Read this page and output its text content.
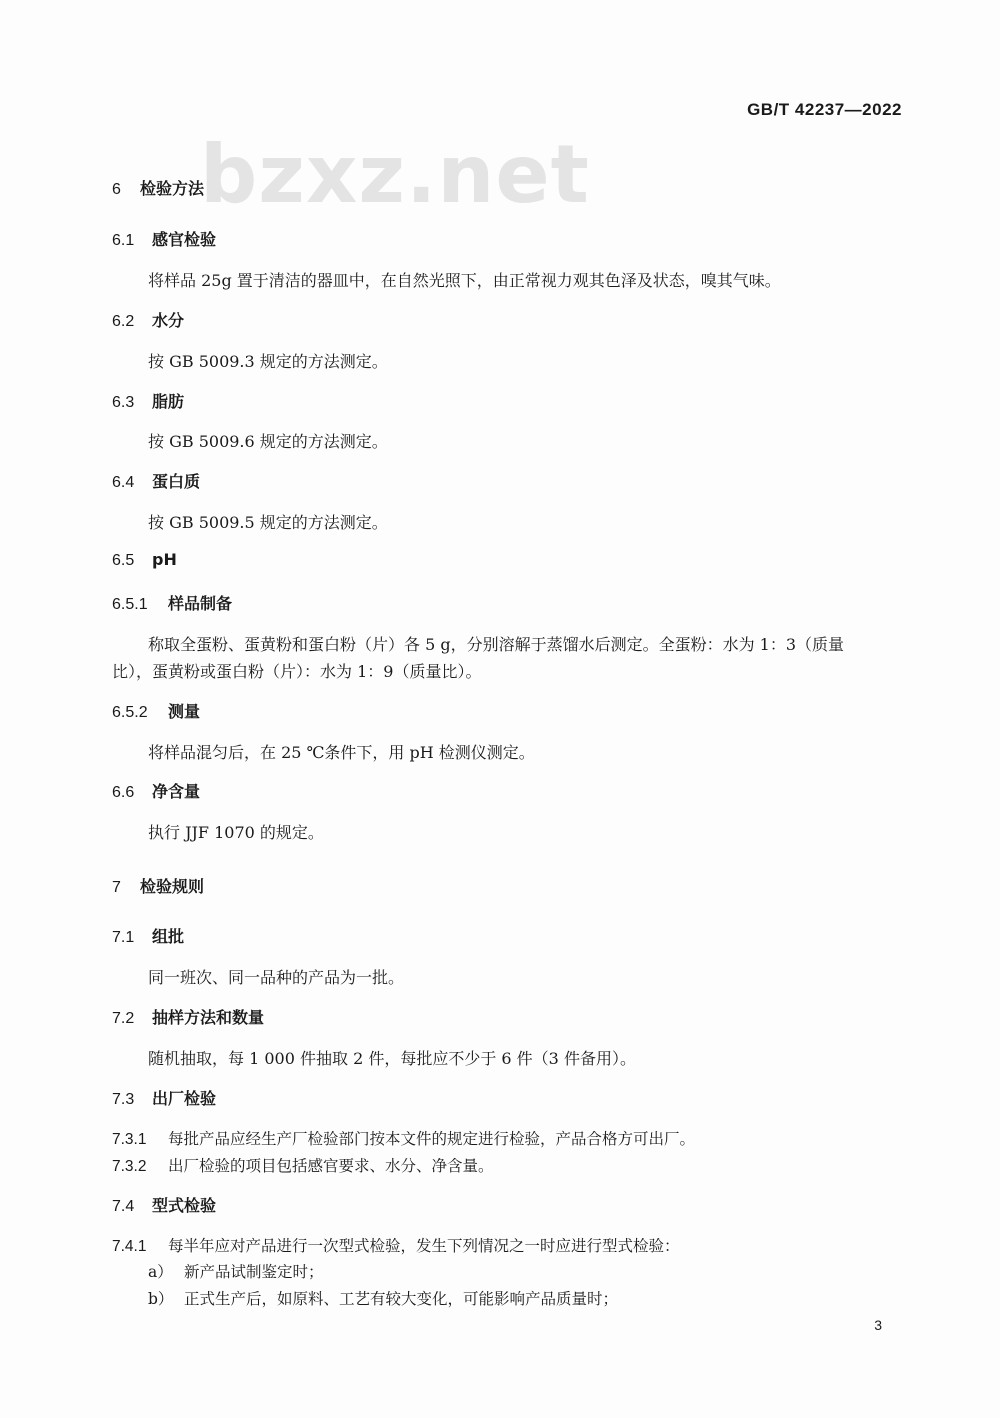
bzxz.net
GB/T 42237—2022
6 检验方法
6.1 感官检验
将样品 25g 置于清洁的器皿中，在自然光照下，由正常视力观其色泽及状态，嗅其气味。
6.2 水分
按 GB 5009.3 规定的方法测定。
6.3 脂肪
按 GB 5009.6 规定的方法测定。
6.4 蛋白质
按 GB 5009.5 规定的方法测定。
6.5 pH
6.5.1 样品制备
称取全蛋粉、蛋黄粉和蛋白粉（片）各 5 g，分别溶解于蒸馏水后测定。全蛋粉：水为 1：3（质量
比），蛋黄粉或蛋白粉（片）：水为 1：9（质量比）。
6.5.2 测量
将样品混匀后，在 25 ℃条件下，用 pH 检测仪测定。
6.6 净含量
执行 JJF 1070 的规定。
7 检验规则
7.1 组批
同一班次、同一品种的产品为一批。
7.2 抽样方法和数量
随机抽取，每 1 000 件抽取 2 件，每批应不少于 6 件（3 件备用）。
7.3 出厂检验
7.3.1 每批产品应经生产厂检验部门按本文件的规定进行检验，产品合格方可出厂。
7.3.2 出厂检验的项目包括感官要求、水分、净含量。
7.4 型式检验
7.4.1 每半年应对产品进行一次型式检验，发生下列情况之一时应进行型式检验：
a） 新产品试制鉴定时；
b） 正式生产后，如原料、工艺有较大变化，可能影响产品质量时；
3
